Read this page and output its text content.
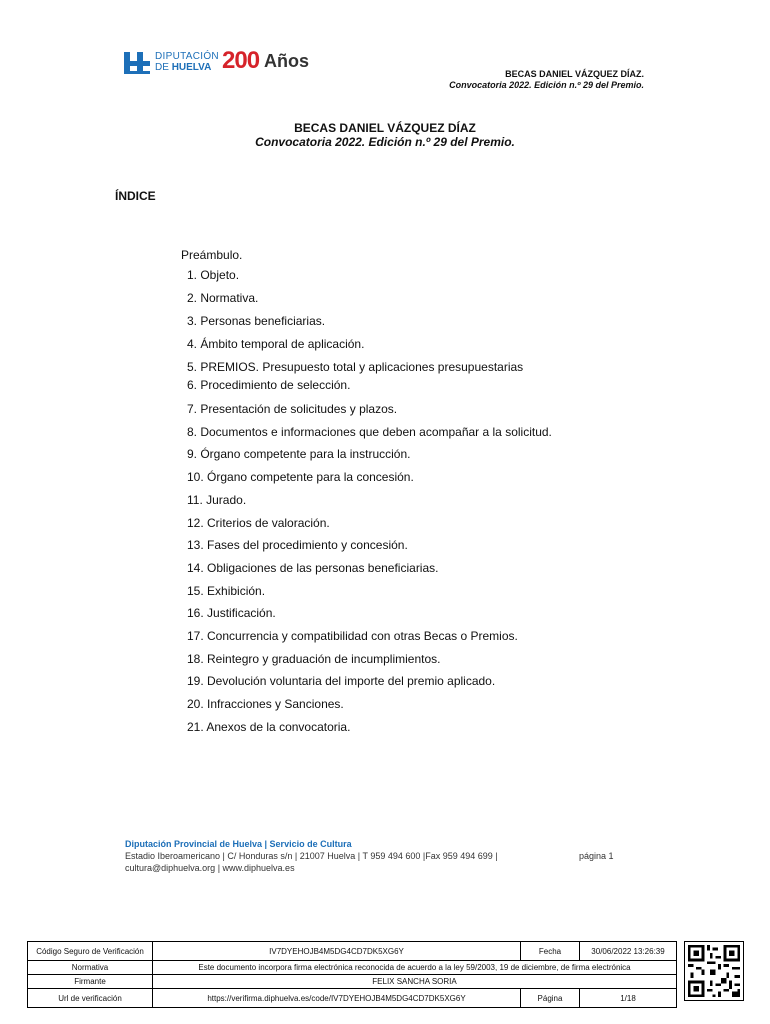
DIPUTACIÓN
DE HUELVA 200 Años
BECAS DANIEL VÁZQUEZ DÍAZ.
Convocatoria 2022. Edición n.º 29 del Premio.
BECAS DANIEL VÁZQUEZ DÍAZ
Convocatoria 2022. Edición n.º 29 del Premio.
ÍNDICE
Preámbulo.
1. Objeto.
2. Normativa.
3. Personas beneficiarias.
4. Ámbito temporal de aplicación.
5. PREMIOS. Presupuesto total y aplicaciones presupuestarias
6. Procedimiento de selección.
7. Presentación de solicitudes y plazos.
8. Documentos e informaciones que deben acompañar a la solicitud.
9. Órgano competente para la instrucción.
10. Órgano competente para la concesión.
11. Jurado.
12. Criterios de valoración.
13. Fases del procedimiento y concesión.
14. Obligaciones de las personas beneficiarias.
15. Exhibición.
16. Justificación.
17. Concurrencia y compatibilidad con otras Becas o Premios.
18. Reintegro y graduación de incumplimientos.
19. Devolución voluntaria del importe del premio aplicado.
20. Infracciones y Sanciones.
21. Anexos de la convocatoria.
Diputación Provincial de Huelva | Servicio de Cultura
Estadio Iberoamericano | C/ Honduras s/n | 21007 Huelva | T 959 494 600 |Fax 959 494 699 |
cultura@diphuelva.org | www.diphuelva.es
página 1
Código Seguro de Verificación	IV7DYEHOJB4M5DG4CD7DK5XG6Y	Fecha	30/06/2022 13:26:39
Normativa	Este documento incorpora firma electrónica reconocida de acuerdo a la ley 59/2003, 19 de diciembre, de firma electrónica		
Firmante	FELIX SANCHA SORIA		
Url de verificación	https://verifirma.diphuelva.es/code/IV7DYEHOJB4M5DG4CD7DK5XG6Y	Página	1/18
